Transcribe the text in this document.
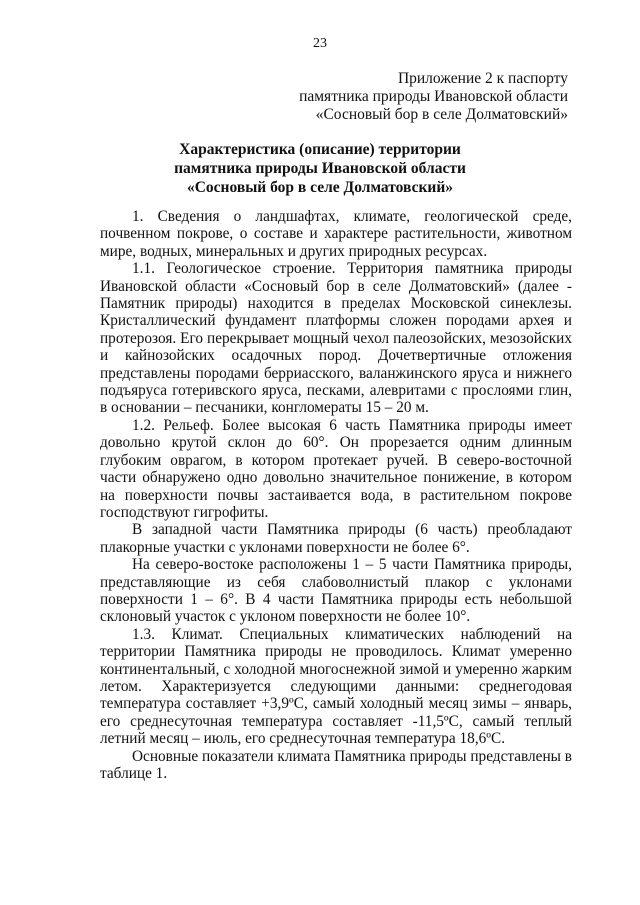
23
Приложение 2 к паспорту
памятника природы Ивановской области
«Сосновый бор в селе Долматовский»
Характеристика (описание) территории
памятника природы Ивановской области
«Сосновый бор в селе Долматовский»

1. Сведения о ландшафтах, климате, геологической среде, почвенном покрове, о составе и характере растительности, животном мире, водных, минеральных и других природных ресурсах.

1.1. Геологическое строение. Территория памятника природы Ивановской области «Сосновый бор в селе Долматовский» (далее - Памятник природы) находится в пределах Московской синеклезы. Кристаллический фундамент платформы сложен породами архея и протерозоя. Его перекрывает мощный чехол палеозойских, мезозойских и кайнозойских осадочных пород. Дочетвертичные отложения представлены породами берриасского, валанжинского яруса и нижнего подъяруса готеривского яруса, песками, алевритами с прослоями глин, в основании – песчаники, конгломераты 15 – 20 м.

1.2. Рельеф. Более высокая 6 часть Памятника природы имеет довольно крутой склон до 60°. Он прорезается одним длинным глубоким оврагом, в котором протекает ручей. В северо-восточной части обнаружено одно довольно значительное понижение, в котором на поверхности почвы застаивается вода, в растительном покрове господствуют гигрофиты.

В западной части Памятника природы (6 часть) преобладают плакорные участки с уклонами поверхности не более 6°.

На северо-востоке расположены 1 – 5 части Памятника природы, представляющие из себя слабоволнистый плакор с уклонами поверхности 1 – 6°. В 4 части Памятника природы есть небольшой склоновый участок с уклоном поверхности не более 10°.

1.3. Климат. Специальных климатических наблюдений на территории Памятника природы не проводилось. Климат умеренно континентальный, с холодной многоснежной зимой и умеренно жарким летом. Характеризуется следующими данными: среднегодовая температура составляет +3,9ºС, самый холодный месяц зимы – январь, его среднесуточная температура составляет -11,5ºС, самый теплый летний месяц – июль, его среднесуточная температура 18,6ºС.

Основные показатели климата Памятника природы представлены в таблице 1.
